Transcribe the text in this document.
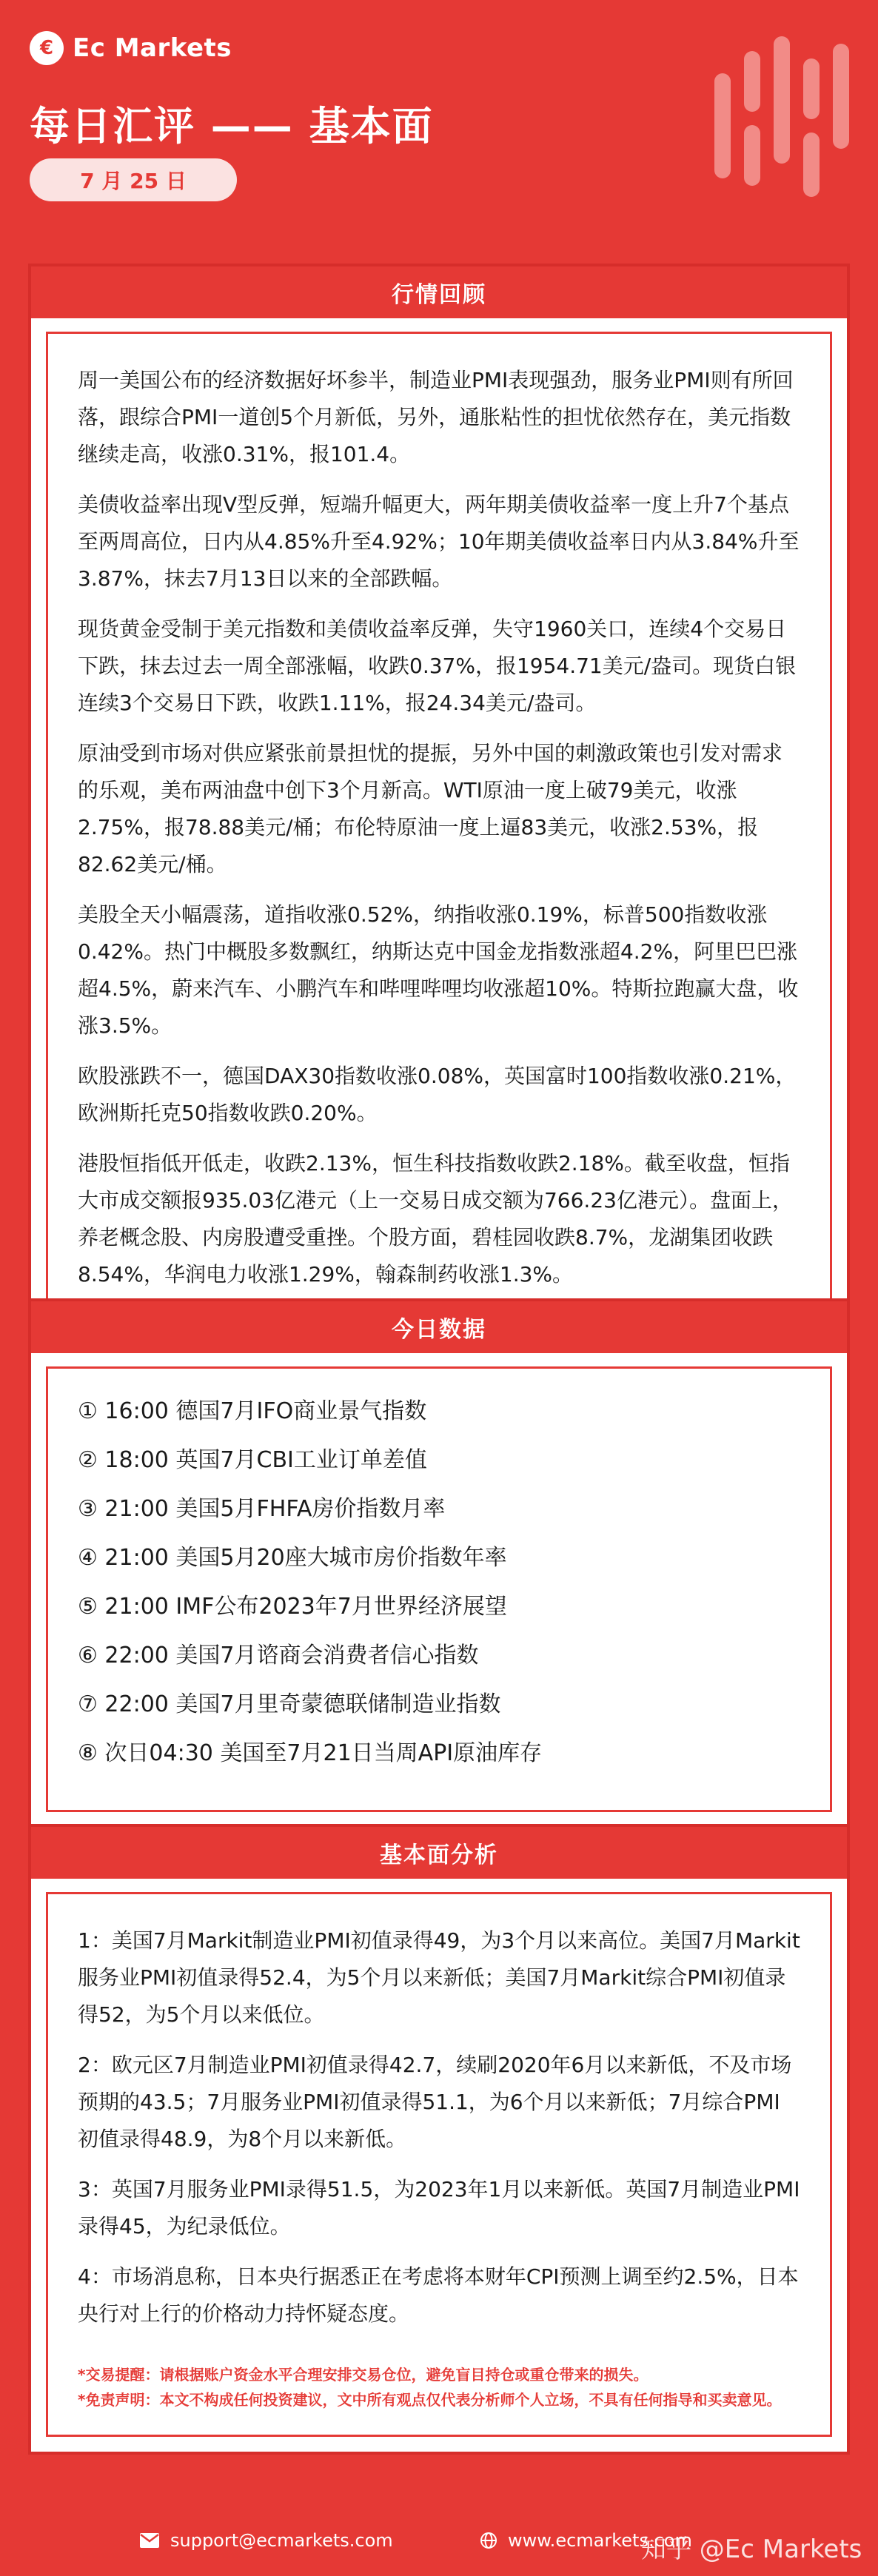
€ Ec Markets
每日汇评 —— 基本面
7 月 25 日
行情回顾

周一美国公布的经济数据好坏参半，制造业PMI表现强劲，服务业PMI则有所回落，跟综合PMI一道创5个月新低，另外，通胀粘性的担忧依然存在，美元指数继续走高，收涨0.31%，报101.4。

美债收益率出现V型反弹，短端升幅更大，两年期美债收益率一度上升7个基点至两周高位，日内从4.85%升至4.92%；10年期美债收益率日内从3.84%升至3.87%，抹去7月13日以来的全部跌幅。

现货黄金受制于美元指数和美债收益率反弹，失守1960关口，连续4个交易日下跌，抹去过去一周全部涨幅，收跌0.37%，报1954.71美元/盎司。现货白银连续3个交易日下跌，收跌1.11%，报24.34美元/盎司。

原油受到市场对供应紧张前景担忧的提振，另外中国的刺激政策也引发对需求的乐观，美布两油盘中创下3个月新高。WTI原油一度上破79美元，收涨2.75%，报78.88美元/桶；布伦特原油一度上逼83美元，收涨2.53%，报82.62美元/桶。

美股全天小幅震荡，道指收涨0.52%，纳指收涨0.19%，标普500指数收涨0.42%。热门中概股多数飘红，纳斯达克中国金龙指数涨超4.2%，阿里巴巴涨超4.5%，蔚来汽车、小鹏汽车和哔哩哔哩均收涨超10%。特斯拉跑赢大盘，收涨3.5%。

欧股涨跌不一，德国DAX30指数收涨0.08%，英国富时100指数收涨0.21%，欧洲斯托克50指数收跌0.20%。

港股恒指低开低走，收跌2.13%，恒生科技指数收跌2.18%。截至收盘，恒指大市成交额报935.03亿港元（上一交易日成交额为766.23亿港元）。盘面上，养老概念股、内房股遭受重挫。个股方面，碧桂园收跌8.7%，龙湖集团收跌8.54%，华润电力收涨1.29%，翰森制药收涨1.3%。

今日数据
① 16:00 德国7月IFO商业景气指数
② 18:00 英国7月CBI工业订单差值
③ 21:00 美国5月FHFA房价指数月率
④ 21:00 美国5月20座大城市房价指数年率
⑤ 21:00 IMF公布2023年7月世界经济展望
⑥ 22:00 美国7月谘商会消费者信心指数
⑦ 22:00 美国7月里奇蒙德联储制造业指数
⑧ 次日04:30 美国至7月21日当周API原油库存
基本面分析

1：美国7月Markit制造业PMI初值录得49，为3个月以来高位。美国7月Markit服务业PMI初值录得52.4，为5个月以来新低；美国7月Markit综合PMI初值录得52，为5个月以来低位。

2：欧元区7月制造业PMI初值录得42.7，续刷2020年6月以来新低，不及市场预期的43.5；7月服务业PMI初值录得51.1，为6个月以来新低；7月综合PMI初值录得48.9，为8个月以来新低。

3：英国7月服务业PMI录得51.5，为2023年1月以来新低。英国7月制造业PMI录得45，为纪录低位。

4：市场消息称，日本央行据悉正在考虑将本财年CPI预测上调至约2.5%，日本央行对上行的价格动力持怀疑态度。

*交易提醒：请根据账户资金水平合理安排交易仓位，避免盲目持仓或重仓带来的损失。
*免责声明：本文不构成任何投资建议，文中所有观点仅代表分析师个人立场，不具有任何指导和买卖意见。
support@ecmarkets.com	www.ecmarkets.com
知乎 @Ec Markets
